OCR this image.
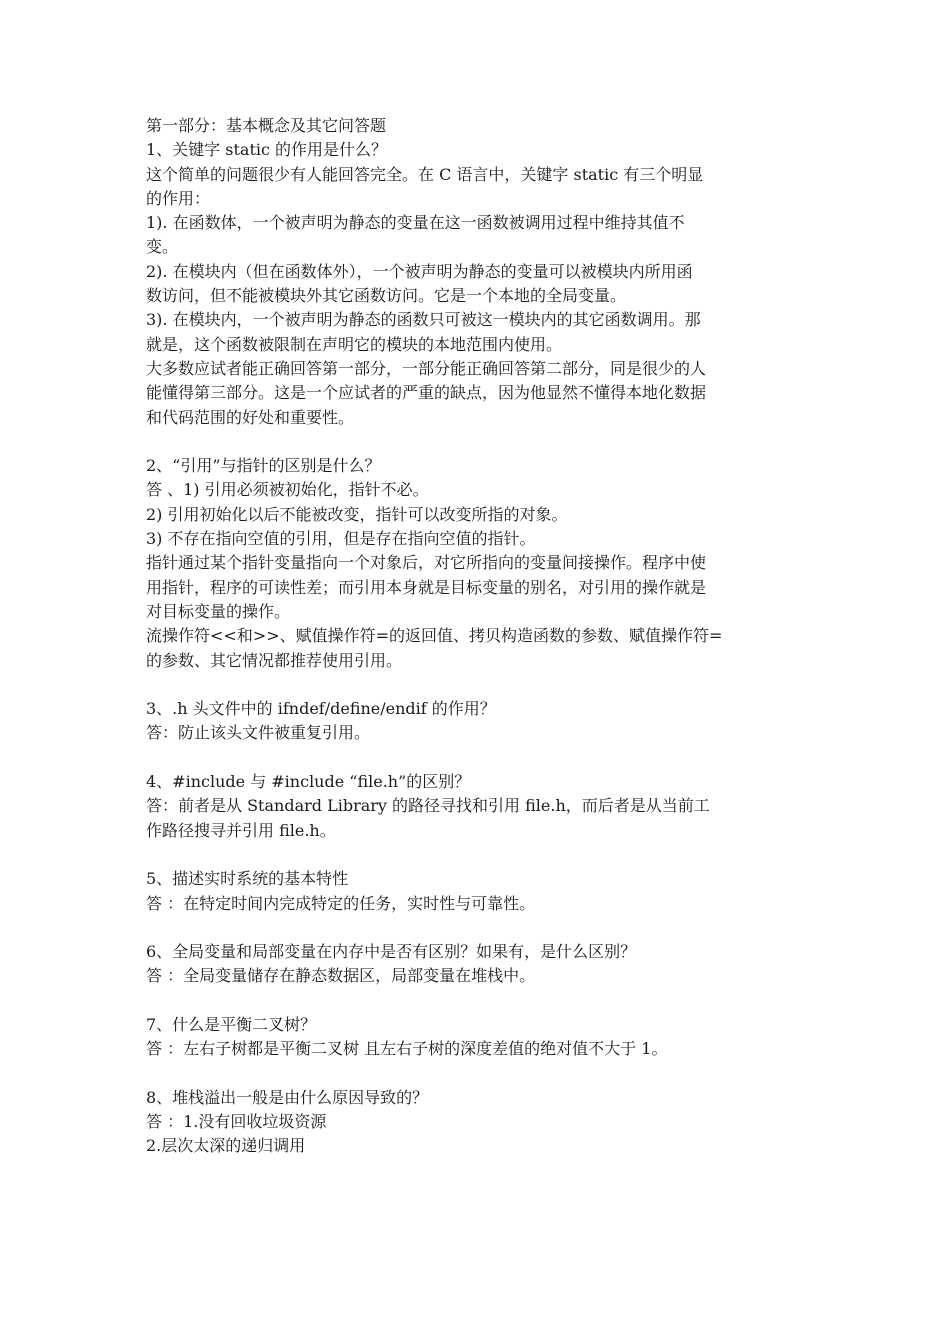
第一部分：基本概念及其它问答题
1、关键字 static 的作用是什么？
这个简单的问题很少有人能回答完全。在 C 语言中，关键字 static 有三个明显
的作用：
1). 在函数体，一个被声明为静态的变量在这一函数被调用过程中维持其值不
变。
2). 在模块内（但在函数体外），一个被声明为静态的变量可以被模块内所用函
数访问，但不能被模块外其它函数访问。它是一个本地的全局变量。
3). 在模块内，一个被声明为静态的函数只可被这一模块内的其它函数调用。那
就是，这个函数被限制在声明它的模块的本地范围内使用。
大多数应试者能正确回答第一部分，一部分能正确回答第二部分，同是很少的人
能懂得第三部分。这是一个应试者的严重的缺点，因为他显然不懂得本地化数据
和代码范围的好处和重要性。
2、“引用”与指针的区别是什么？
答 、1) 引用必须被初始化，指针不必。
2) 引用初始化以后不能被改变，指针可以改变所指的对象。
3) 不存在指向空值的引用，但是存在指向空值的指针。
指针通过某个指针变量指向一个对象后，对它所指向的变量间接操作。程序中使
用指针，程序的可读性差；而引用本身就是目标变量的别名，对引用的操作就是
对目标变量的操作。
流操作符<<和>>、赋值操作符=的返回值、拷贝构造函数的参数、赋值操作符=
的参数、其它情况都推荐使用引用。
3、.h 头文件中的 ifndef/define/endif 的作用？
答：防止该头文件被重复引用。
4、#include 与 #include “file.h”的区别？
答：前者是从 Standard Library 的路径寻找和引用 file.h，而后者是从当前工
作路径搜寻并引用 file.h。
5、描述实时系统的基本特性
答 ：在特定时间内完成特定的任务，实时性与可靠性。
6、全局变量和局部变量在内存中是否有区别？如果有，是什么区别？
答 ：全局变量储存在静态数据区，局部变量在堆栈中。
7、什么是平衡二叉树？
答 ：左右子树都是平衡二叉树 且左右子树的深度差值的绝对值不大于 1。
8、堆栈溢出一般是由什么原因导致的？
答 ：1.没有回收垃圾资源
2.层次太深的递归调用
